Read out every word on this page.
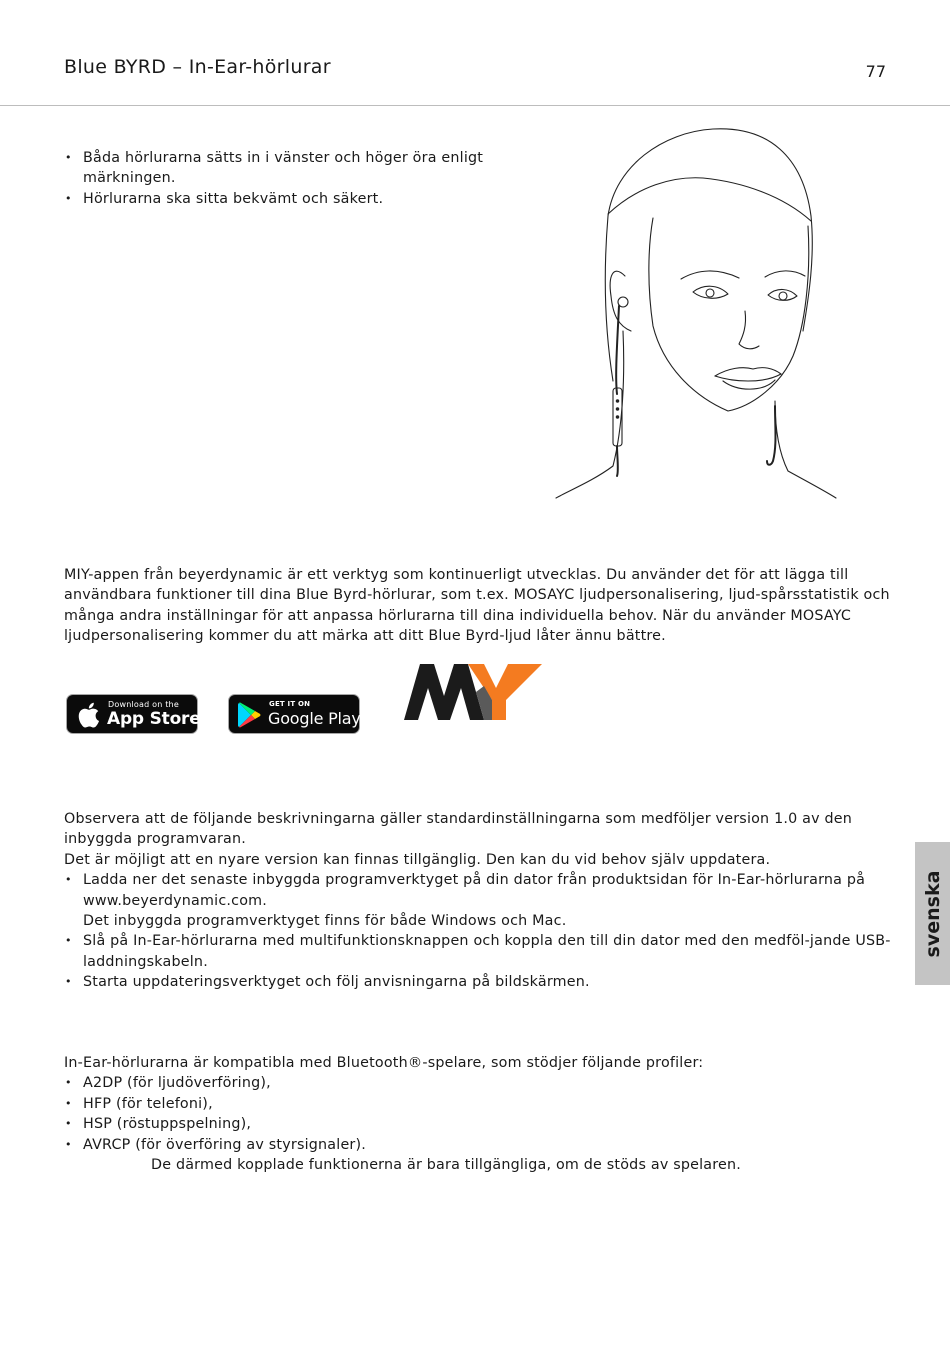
Blue BYRD – In-Ear-hörlurar	77
• Båda hörlurarna sätts in i vänster och höger öra enligt märkningen.
• Hörlurarna ska sitta bekvämt och säkert.
MIY-appen från beyerdynamic är ett verktyg som kontinuerligt utvecklas. Du använder det för att lägga till användbara funktioner till dina Blue Byrd-hörlurar, som t.ex. MOSAYC ljudpersonalisering, ljud-spårsstatistik och många andra inställningar för att anpassa hörlurarna till dina individuella behov. När du använder MOSAYC ljudpersonalisering kommer du att märka att ditt Blue Byrd-ljud låter ännu bättre.
Download on the
App Store
GET IT ON
Google Play
Observera att de följande beskrivningarna gäller standardinställningarna som medföljer version 1.0 av den inbyggda programvaran.
Det är möjligt att en nyare version kan finnas tillgänglig. Den kan du vid behov själv uppdatera.
• Ladda ner det senaste inbyggda programverktyget på din dator från produktsidan för In-Ear-hörlurarna på www.beyerdynamic.com.
Det inbyggda programverktyget finns för både Windows och Mac.
• Slå på In-Ear-hörlurarna med multifunktionsknappen och koppla den till din dator med den medföl-jande USB-laddningskabeln.
• Starta uppdateringsverktyget och följ anvisningarna på bildskärmen.
svenska
In-Ear-hörlurarna är kompatibla med Bluetooth®-spelare, som stödjer följande profiler:
• A2DP (för ljudöverföring),
• HFP (för telefoni),
• HSP (röstuppspelning),
• AVRCP (för överföring av styrsignaler).
De därmed kopplade funktionerna är bara tillgängliga, om de stöds av spelaren.
